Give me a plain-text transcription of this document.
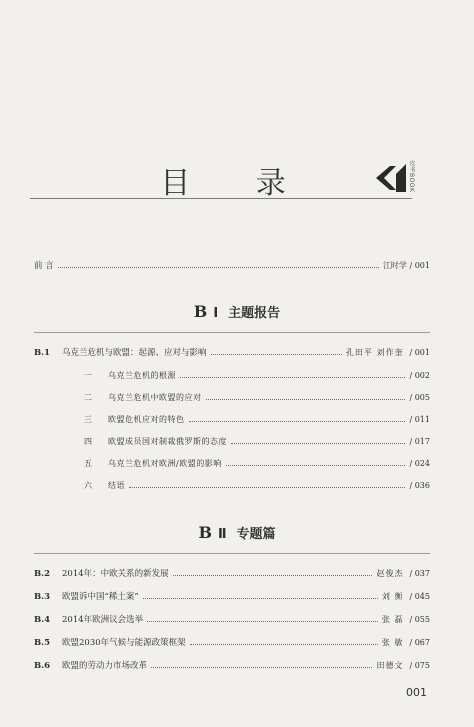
目 录	皮书BOOK
前 言	江时学 / 001
B Ⅰ 主题报告
B.1	乌克兰危机与欧盟：起源、应对与影响	孔田平 刘作奎 / 001
一	乌克兰危机的根源	/ 002
二	乌克兰危机中欧盟的应对	/ 005
三	欧盟危机应对的特色	/ 011
四	欧盟成员国对制裁俄罗斯的态度	/ 017
五	乌克兰危机对欧洲/欧盟的影响	/ 024
六	结语	/ 036
B Ⅱ 专题篇
B.2	2014年：中欧关系的新发展	赵俊杰 / 037
B.3	欧盟诉中国“稀土案”	刘 衡 / 045
B.4	2014年欧洲议会选举	张 磊 / 055
B.5	欧盟2030年气候与能源政策框架	张 敏 / 067
B.6	欧盟的劳动力市场改革	田德文 / 075
001
